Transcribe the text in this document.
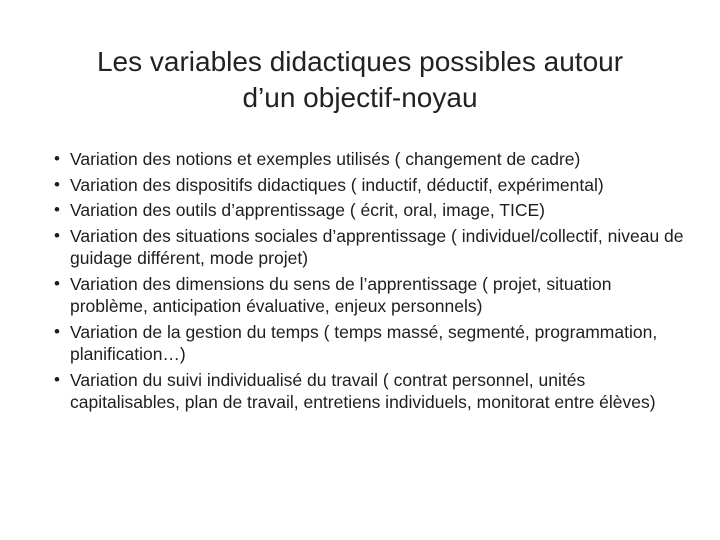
Les variables didactiques possibles autour
d’un objectif-noyau
• Variation des notions et exemples utilisés ( changement de cadre)
• Variation des dispositifs didactiques ( inductif, déductif, expérimental)
• Variation des outils d’apprentissage ( écrit, oral, image, TICE)
• Variation des situations sociales d’apprentissage ( individuel/collectif, niveau de guidage différent, mode projet)
• Variation des dimensions du sens de l’apprentissage ( projet, situation problème, anticipation évaluative, enjeux personnels)
• Variation de la gestion du temps ( temps massé, segmenté, programmation, planification…)
• Variation du suivi individualisé du travail ( contrat personnel, unités capitalisables, plan de travail, entretiens individuels, monitorat entre élèves)
